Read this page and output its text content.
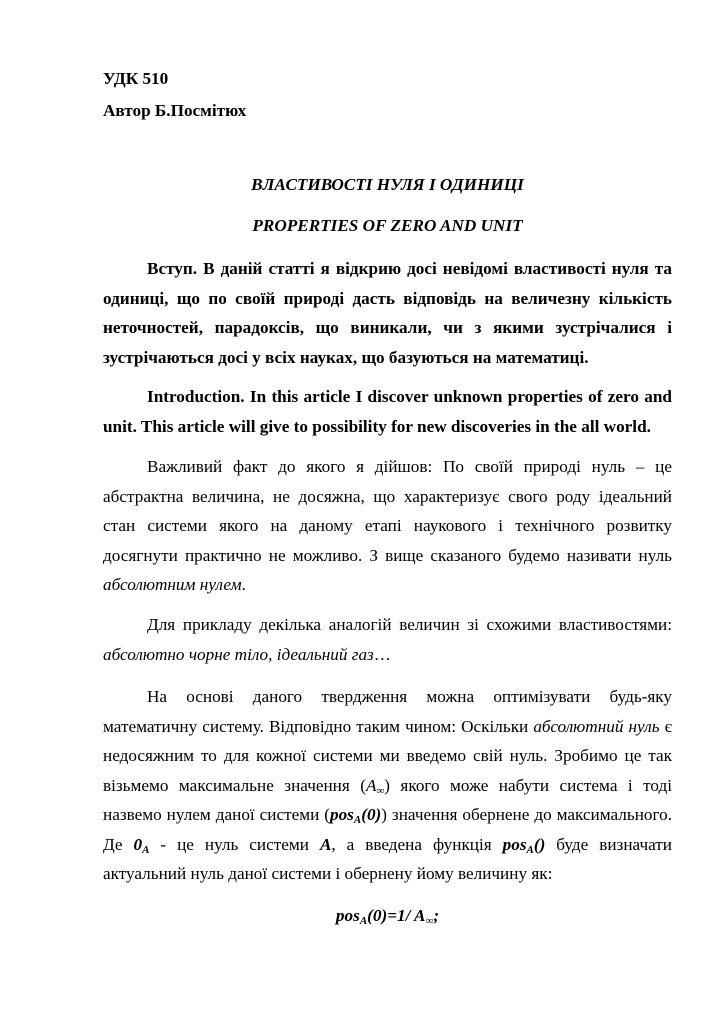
УДК 510
Автор Б.Посмітюх
ВЛАСТИВОСТІ НУЛЯ І ОДИНИЦІ
PROPERTIES OF ZERO AND UNIT

Вступ. В даній статті я відкрию досі невідомі властивості нуля та одиниці, що по своїй природі дасть відповідь на величезну кількість неточностей, парадоксів, що виникали, чи з якими зустрічалися і зустрічаються досі у всіх науках, що базуються на математиці.

Introduction. In this article I discover unknown properties of zero and unit. This article will give to possibility for new discoveries in the all world.

Важливий факт до якого я дійшов: По своїй природі нуль – це абстрактна величина, не досяжна, що характеризує свого роду ідеальний стан системи якого на даному етапі наукового і технічного розвитку досягнути практично не можливо. З вище сказаного будемо називати нуль абсолютним нулем.

Для прикладу декілька аналогій величин зі схожими властивостями: абсолютно чорне тіло, ідеальний газ…

На основі даного твердження можна оптимізувати будь-яку математичну систему. Відповідно таким чином: Оскільки абсолютний нуль є недосяжним то для кожної системи ми введемо свій нуль. Зробимо це так візьмемо максимальне значення $(A_\infty)$ якого може набути система і тоді назвемо нулем даної системи (pos$_A$(0)) значення обернене до максимального. Де $0_A$ - це нуль системи A, а введена функція pos$_A$() буде визначати актуальний нуль даної системи і обернену йому величину як:

pos$_A$(0)=1/ $A_\infty$;
